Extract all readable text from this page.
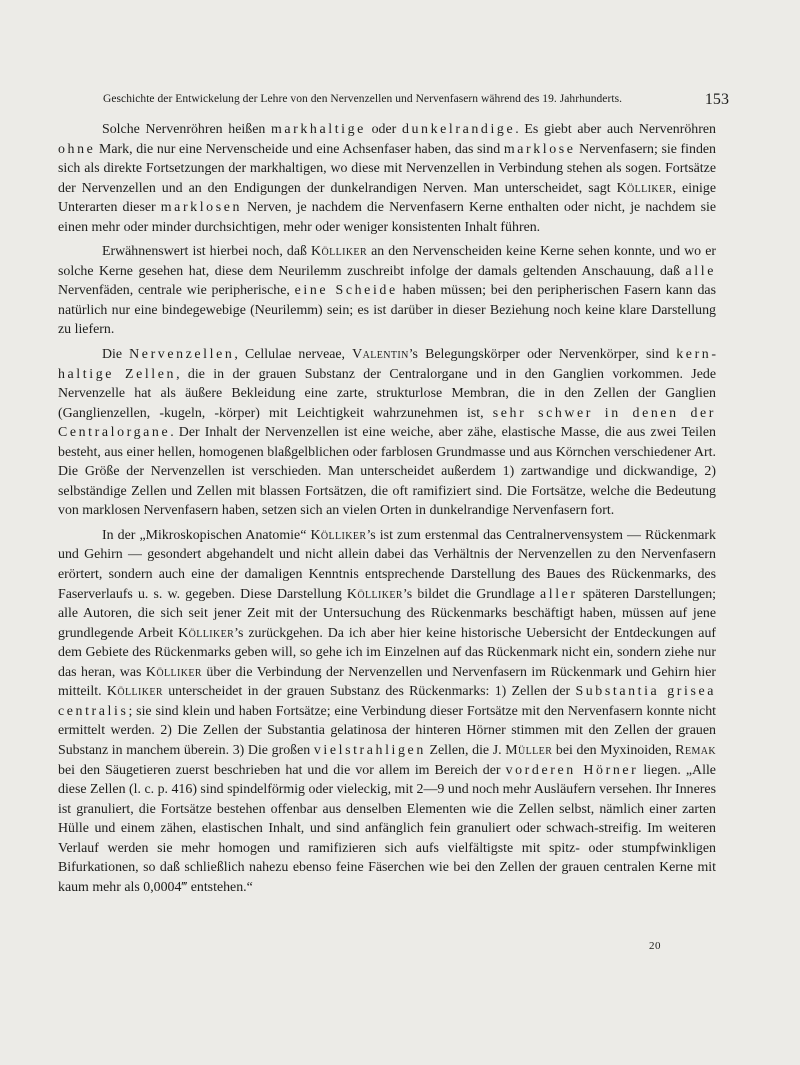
Geschichte der Entwickelung der Lehre von den Nervenzellen und Nervenfasern während des 19. Jahrhunderts.	153

Solche Nervenröhren heißen markhaltige oder dunkelrandige. Es giebt aber auch Nervenröhren ohne Mark, die nur eine Nervenscheide und eine Achsenfaser haben, das sind marklose Nervenfasern; sie finden sich als direkte Fortsetzungen der markhaltigen, wo diese mit Nervenzellen in Verbindung stehen als sogen. Fortsätze der Nervenzellen und an den Endigungen der dunkelrandigen Nerven. Man unterscheidet, sagt Kölliker, einige Unterarten dieser marklosen Nerven, je nachdem die Nervenfasern Kerne enthalten oder nicht, je nachdem sie einen mehr oder minder durchsichtigen, mehr oder weniger konsistenten Inhalt führen.

Erwähnenswert ist hierbei noch, daß Kölliker an den Nervenscheiden keine Kerne sehen konnte, und wo er solche Kerne gesehen hat, diese dem Neurilemm zuschreibt infolge der damals geltenden Anschauung, daß alle Nervenfäden, centrale wie peripherische, eine Scheide haben müssen; bei den peripherischen Fasern kann das natürlich nur eine bindegewebige (Neurilemm) sein; es ist darüber in dieser Beziehung noch keine klare Darstellung zu liefern.

Die Nervenzellen, Cellulae nerveae, Valentin’s Belegungskörper oder Nervenkörper, sind kernhaltige Zellen, die in der grauen Substanz der Centralorgane und in den Ganglien vorkommen. Jede Nervenzelle hat als äußere Bekleidung eine zarte, strukturlose Membran, die in den Zellen der Ganglien (Ganglienzellen, -kugeln, -körper) mit Leichtigkeit wahrzunehmen ist, sehr schwer in denen der Centralorgane. Der Inhalt der Nervenzellen ist eine weiche, aber zähe, elastische Masse, die aus zwei Teilen besteht, aus einer hellen, homogenen blaßgelblichen oder farblosen Grundmasse und aus Körnchen verschiedener Art. Die Größe der Nervenzellen ist verschieden. Man unterscheidet außerdem 1) zartwandige und dickwandige, 2) selbständige Zellen und Zellen mit blassen Fortsätzen, die oft ramifiziert sind. Die Fortsätze, welche die Bedeutung von marklosen Nervenfasern haben, setzen sich an vielen Orten in dunkelrandige Nervenfasern fort.

In der „Mikroskopischen Anatomie“ Kölliker’s ist zum erstenmal das Centralnervensystem — Rückenmark und Gehirn — gesondert abgehandelt und nicht allein dabei das Verhältnis der Nervenzellen zu den Nervenfasern erörtert, sondern auch eine der damaligen Kenntnis entsprechende Darstellung des Baues des Rückenmarks, des Faserverlaufs u. s. w. gegeben. Diese Darstellung Kölliker’s bildet die Grundlage aller späteren Darstellungen; alle Autoren, die sich seit jener Zeit mit der Untersuchung des Rückenmarks beschäftigt haben, müssen auf jene grundlegende Arbeit Kölliker’s zurückgehen. Da ich aber hier keine historische Uebersicht der Entdeckungen auf dem Gebiete des Rückenmarks geben will, so gehe ich im Einzelnen auf das Rückenmark nicht ein, sondern ziehe nur das heran, was Kölliker über die Verbindung der Nervenzellen und Nervenfasern im Rückenmark und Gehirn hier mitteilt. Kölliker unterscheidet in der grauen Substanz des Rückenmarks: 1) Zellen der Substantia grisea centralis; sie sind klein und haben Fortsätze; eine Verbindung dieser Fortsätze mit den Nervenfasern konnte nicht ermittelt werden. 2) Die Zellen der Substantia gelatinosa der hinteren Hörner stimmen mit den Zellen der grauen Substanz in manchem überein. 3) Die großen vielstrahligen Zellen, die J. Müller bei den Myxinoiden, Remak bei den Säugetieren zuerst beschrieben hat und die vor allem im Bereich der vorderen Hörner liegen. „Alle diese Zellen (l. c. p. 416) sind spindelförmig oder vieleckig, mit 2—9 und noch mehr Ausläufern versehen. Ihr Inneres ist granuliert, die Fortsätze bestehen offenbar aus denselben Elementen wie die Zellen selbst, nämlich einer zarten Hülle und einem zähen, elastischen Inhalt, und sind anfänglich fein granuliert oder schwach-streifig. Im weiteren Verlauf werden sie mehr homogen und ramifizieren sich aufs vielfältigste mit spitz- oder stumpfwinkligen Bifurkationen, so daß schließlich nahezu ebenso feine Fäserchen wie bei den Zellen der grauen centralen Kerne mit kaum mehr als 0,0004‴ entstehen.“

20
